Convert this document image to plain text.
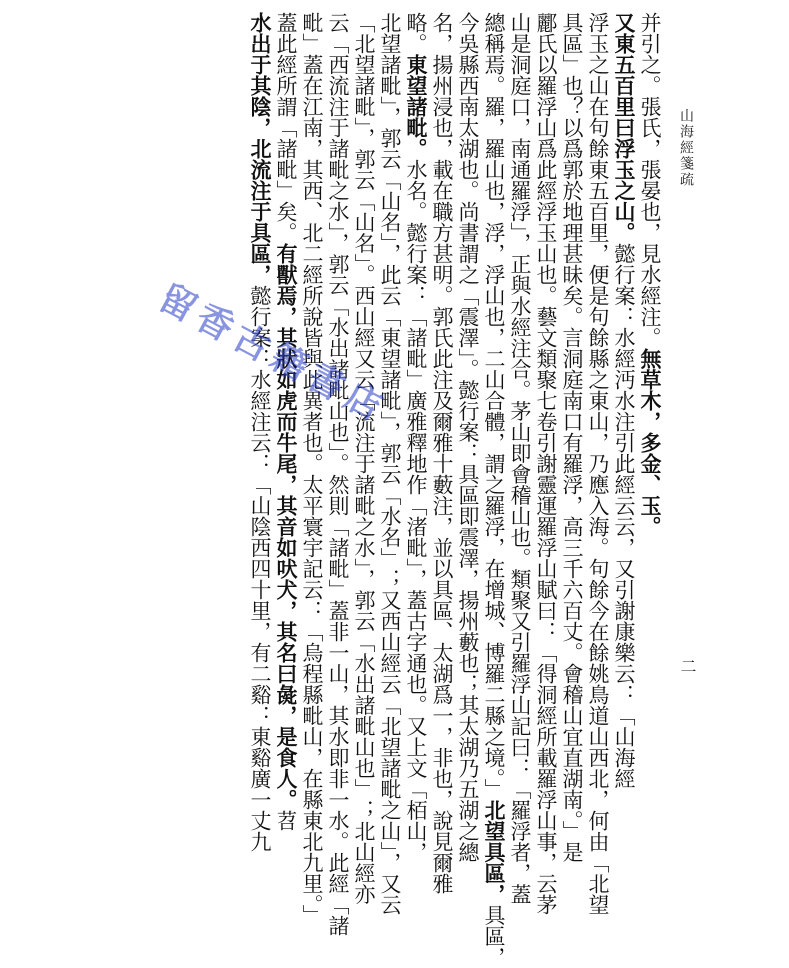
山海經箋疏
二
并引之。張氏，張晏也，見水經注。無草木，多金、玉。
又東五百里曰浮玉之山。懿行案：水經沔水注引此經云云，又引謝康樂云：「山海經
浮玉之山在句餘東五百里，便是句餘縣之東山，乃應入海。句餘今在餘姚鳥道山西北，何由「北望
具區」也？以爲郭於地理甚昧矣。言洞庭南口有羅浮，高三千六百丈。會稽山宜直湖南。」是
酈氏以羅浮山爲此經浮玉山也。藝文類聚七卷引謝靈運羅浮山賦曰：「得洞經所載羅浮山事，云茅
山是洞庭口，南通羅浮」，正與水經注合。茅山即會稽山也。類聚又引羅浮山記曰：「羅浮者，蓋
總稱焉。羅，羅山也，浮，浮山也，二山合體，謂之羅浮，在增城、博羅二縣之境。」北望具區，具區，
今吳縣西南太湖也。尚書謂之「震澤」。懿行案：具區即震澤，揚州藪也；其太湖乃五湖之總
名，揚州浸也，載在職方甚明。郭氏此注及爾雅十藪注，並以具區、太湖爲一，非也，說見爾雅
略。東望諸毗。水名。懿行案：「諸毗」廣雅釋地作「渚毗」，蓋古字通也。又上文「栢山，
北望諸毗」，郭云「山名」，此云「東望諸毗」，郭云「水名」；又西山經云「北望諸毗之山」，又云
「北望諸毗」，郭云「山名」。西山經又云「流注于諸毗之水」，郭云「水出諸毗山也」；北山經亦
云「西流注于諸毗之水」，郭云「水出諸毗山也」。然則「諸毗」蓋非一山，其水即非一水。此經「諸
毗」蓋在江南，其西、北二經所說皆與此異者也。太平寰宇記云：「烏程縣毗山，在縣東北九里。」
蓋此經所謂「諸毗」矣。有獸焉，其狀如虎而牛尾，其音如吠犬，其名曰彘，是食人。苕
水出于其陰，北流注于具區，懿行案：水經注云：「山陰西四十里，有二谿：東谿廣一丈九
留香古籍書店
